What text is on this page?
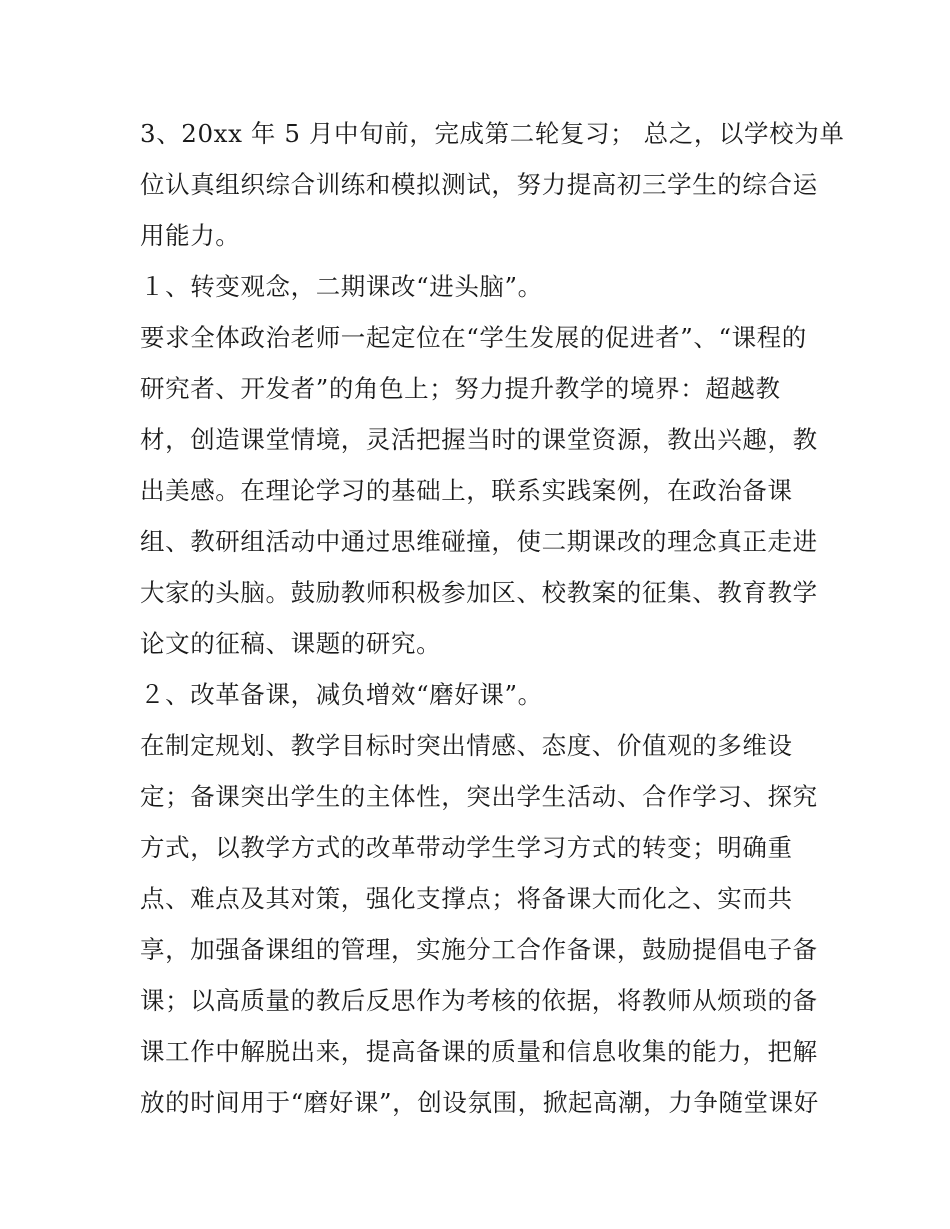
3、20xx 年 5 月中旬前，完成第二轮复习； 总之，以学校为单
位认真组织综合训练和模拟测试，努力提高初三学生的综合运
用能力。
１、转变观念，二期课改“进头脑”。
要求全体政治老师一起定位在“学生发展的促进者”、“课程的
研究者、开发者”的角色上；努力提升教学的境界：超越教
材，创造课堂情境，灵活把握当时的课堂资源，教出兴趣，教
出美感。在理论学习的基础上，联系实践案例，在政治备课
组、教研组活动中通过思维碰撞，使二期课改的理念真正走进
大家的头脑。鼓励教师积极参加区、校教案的征集、教育教学
论文的征稿、课题的研究。
２、改革备课，减负增效“磨好课”。
在制定规划、教学目标时突出情感、态度、价值观的多维设
定；备课突出学生的主体性，突出学生活动、合作学习、探究
方式，以教学方式的改革带动学生学习方式的转变；明确重
点、难点及其对策，强化支撑点；将备课大而化之、实而共
享，加强备课组的管理，实施分工合作备课，鼓励提倡电子备
课；以高质量的教后反思作为考核的依据，将教师从烦琐的备
课工作中解脱出来，提高备课的质量和信息收集的能力，把解
放的时间用于“磨好课”，创设氛围，掀起高潮，力争随堂课好
